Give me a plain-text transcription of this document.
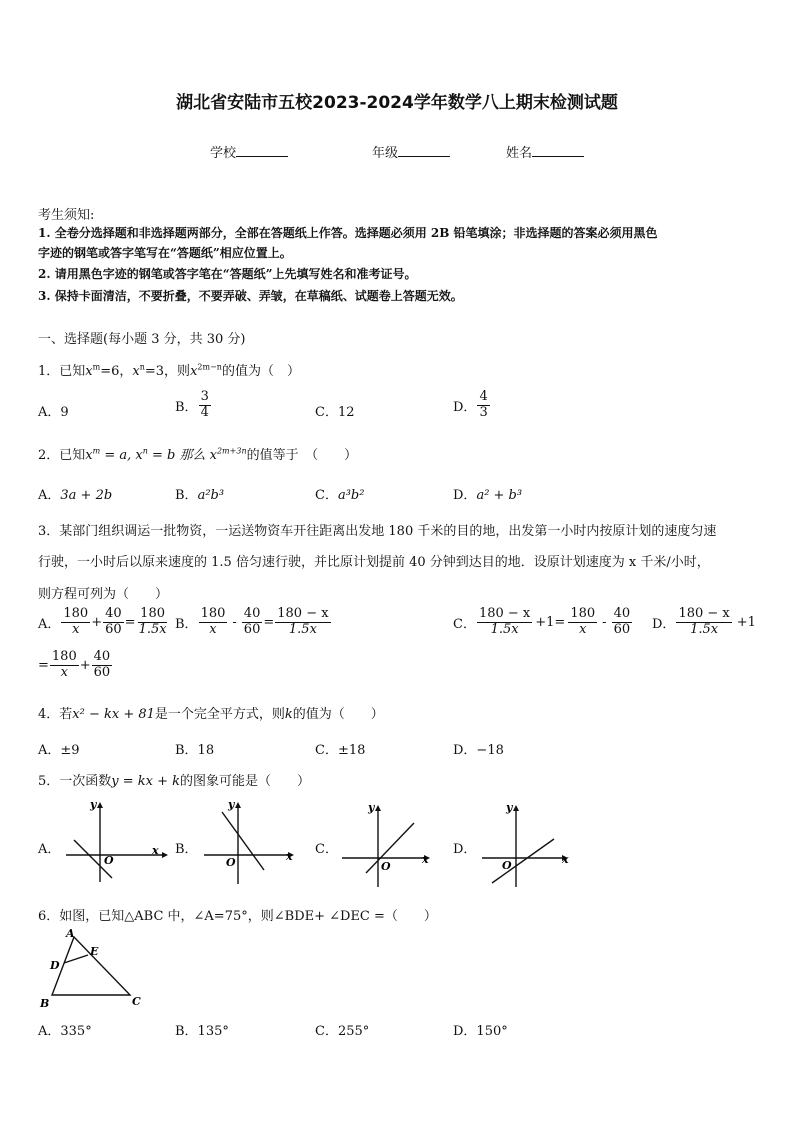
湖北省安陆市五校2023-2024学年数学八上期末检测试题
学校	年级	姓名
考生须知:
1. 全卷分选择题和非选择题两部分，全部在答题纸上作答。选择题必须用 2B 铅笔填涂；非选择题的答案必须用黑色
字迹的钢笔或答字笔写在“答题纸”相应位置上。
2. 请用黑色字迹的钢笔或答字笔在“答题纸”上先填写姓名和准考证号。
3. 保持卡面清洁，不要折叠，不要弄破、弄皱，在草稿纸、试题卷上答题无效。
一、选择题(每小题 3 分，共 30 分)
1．已知$x^m=6$，$x^n=3$，则$x^{2m-n}$的值为（　）
A．9	B． $\frac{3}{4}$	C．12	D． $\frac{4}{3}$
2．已知$x^m = a$, $x^n = b$ 那么 $x^{2m+3n}$的值等于　（　　）
A．3a + 2b	B．a²b³	C．a³b²	D．a² + b³
3．某部门组织调运一批物资，一运送物资车开往距离出发地 180 千米的目的地，出发第一小时内按原计划的速度匀速
行驶，一小时后以原来速度的 1.5 倍匀速行驶，并比原计划提前 40 分钟到达目的地．设原计划速度为 x 千米/小时，
则方程可列为（　　）
A． $\frac{180}{x} + \frac{40}{60} = \frac{180}{1.5x}$ B． $\frac{180}{x} - \frac{40}{60} = \frac{180 - x}{1.5x}$	C． $\frac{180 - x}{1.5x} +1= \frac{180}{x} - \frac{40}{60}$ D． $\frac{180 - x}{1.5x} +1$
= $\frac{180}{x} + \frac{40}{60}$
4．若x² − kx + 81是一个完全平方式，则k的值为（　　）
A．±9	B．18	C．±18	D．−18
5．一次函数y = kx + k的图象可能是（　　）
A．
y
x
O
B．
y
x
O
C．
y
x
O
D．
y
x
O
6．如图，已知△ABC 中，∠A=75°，则∠BDE+ ∠DEC =（　　）
A
B	C
D
E
A．335°	B．135°	C．255°	D．150°
